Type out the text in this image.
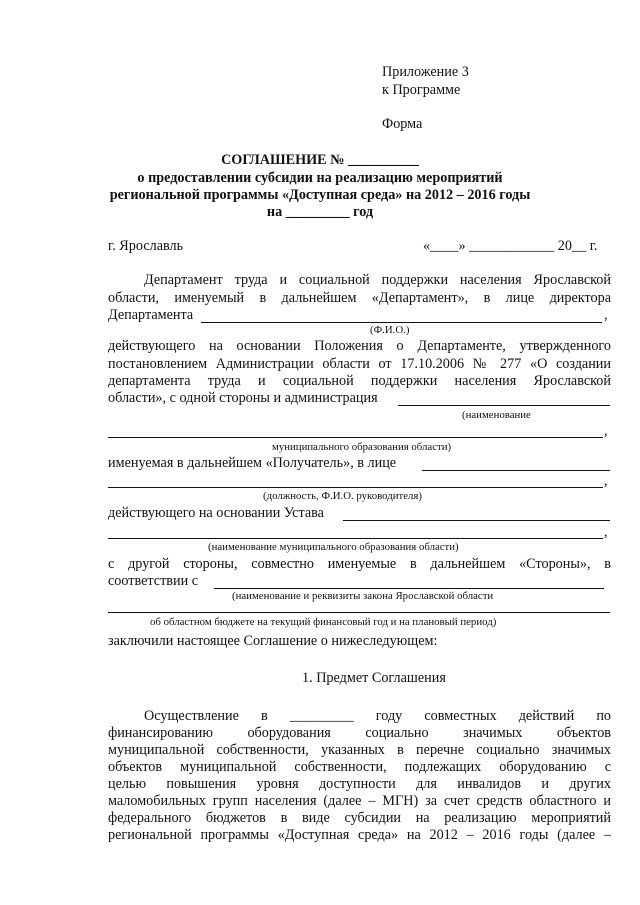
Приложение 3
к Программе
Форма
СОГЛАШЕНИЕ № __________
о предоставлении субсидии на реализацию мероприятий
региональной программы «Доступная среда» на 2012 – 2016 годы
на _________ год
г. Ярославль	«____» ____________ 20__ г.
Департамент труда и социальной поддержки населения Ярославской
области, именуемый в дальнейшем «Департамент», в лице директора
Департамента	,
(Ф.И.О.)
действующего на основании Положения о Департаменте, утвержденного
постановлением Администрации области от 17.10.2006 № 277 «О создании
департамента труда и социальной поддержки населения Ярославской
области», с одной стороны и администрация
(наименование
,
муниципального образования области)
именуемая в дальнейшем «Получатель», в лице
,
(должность, Ф.И.О. руководителя)
действующего на основании Устава
,
(наименование муниципального образования области)
с другой стороны, совместно именуемые в дальнейшем «Стороны», в
соответствии с
(наименование и реквизиты закона Ярославской области
об областном бюджете на текущий финансовый год и на плановый период)
заключили настоящее Соглашение о нижеследующем:
1. Предмет Соглашения
Осуществление в _________ году совместных действий по
финансированию оборудования социально значимых объектов
муниципальной собственности, указанных в перечне социально значимых
объектов муниципальной собственности, подлежащих оборудованию с
целью повышения уровня доступности для инвалидов и других
маломобильных групп населения (далее – МГН) за счет средств областного и
федерального бюджетов в виде субсидии на реализацию мероприятий
региональной программы «Доступная среда» на 2012 – 2016 годы (далее –
